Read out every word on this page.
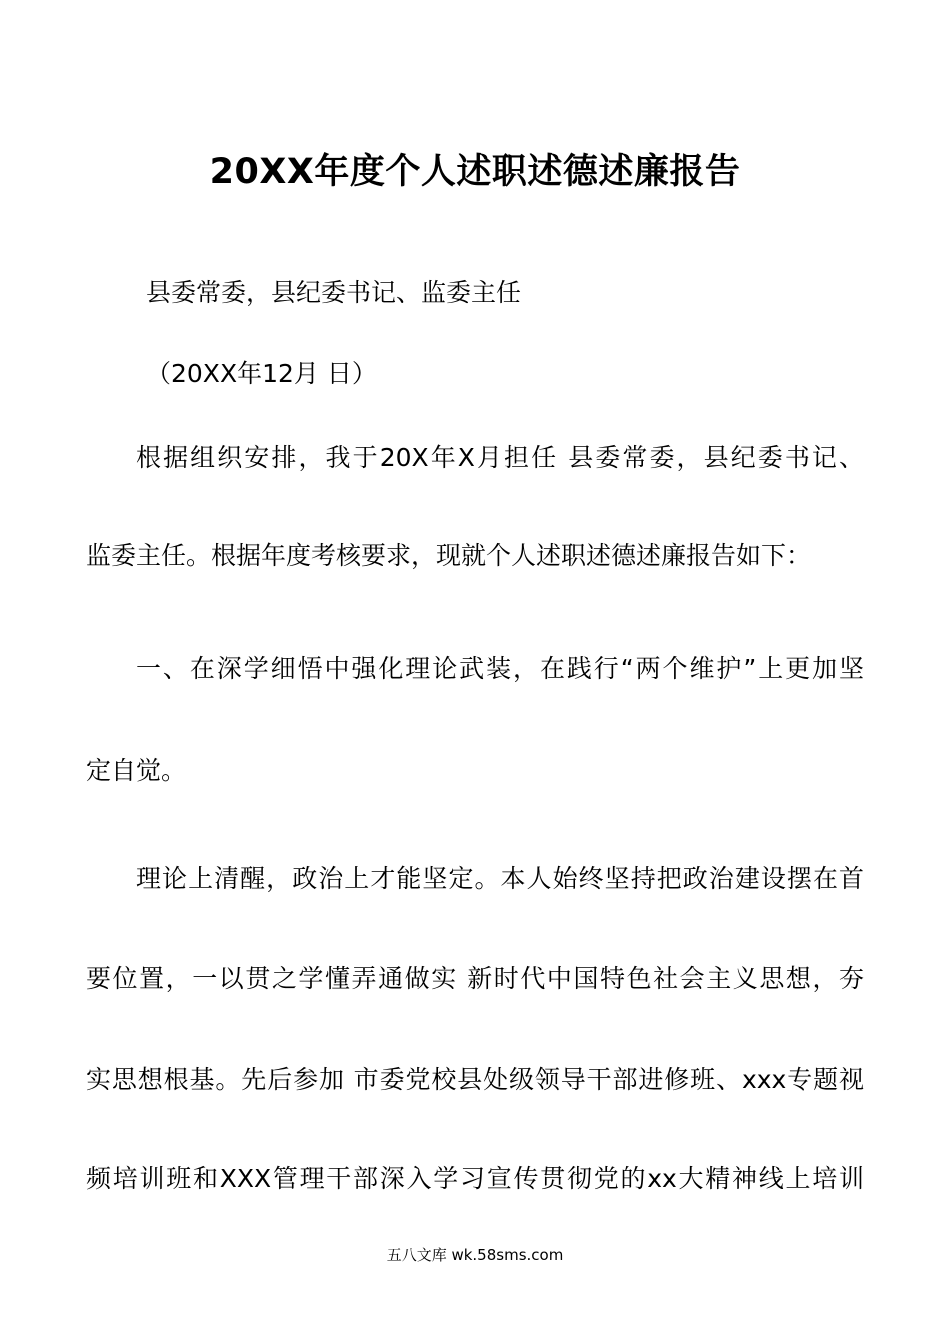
20XX年度个人述职述德述廉报告
县委常委，县纪委书记、监委主任
（20XX年12月 日）
根据组织安排，我于20X年X月担任 县委常委，县纪委书记、
监委主任。根据年度考核要求，现就个人述职述德述廉报告如下：
一、在深学细悟中强化理论武装，在践行“两个维护”上更加坚
定自觉。
理论上清醒，政治上才能坚定。本人始终坚持把政治建设摆在首
要位置，一以贯之学懂弄通做实 新时代中国特色社会主义思想，夯
实思想根基。先后参加 市委党校县处级领导干部进修班、xxx专题视
频培训班和XXX管理干部深入学习宣传贯彻党的xx大精神线上培训
五八文库 wk.58sms.com
